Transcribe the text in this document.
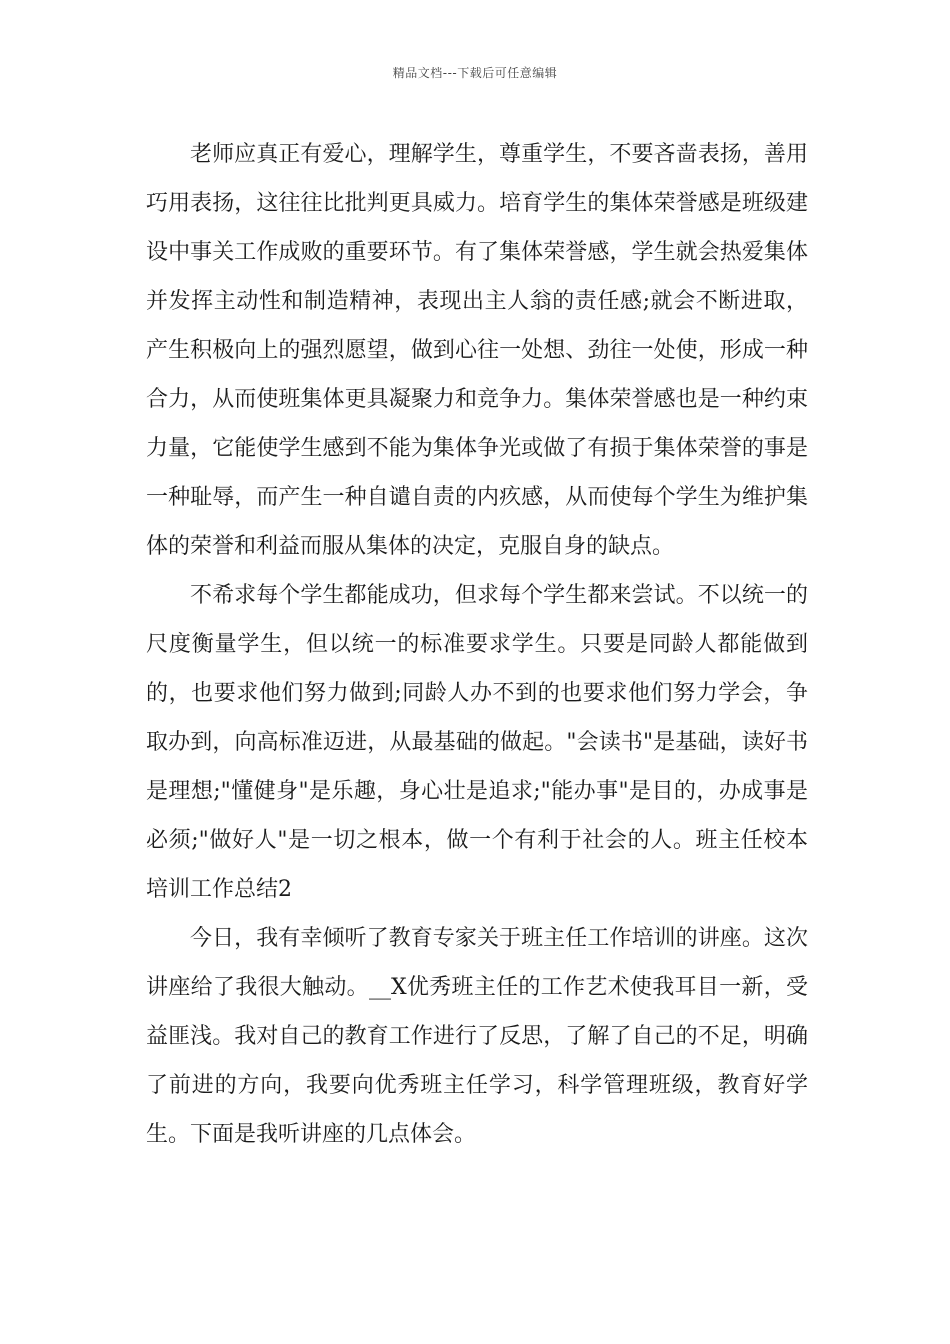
精品文档---下载后可任意编辑

老师应真正有爱心，理解学生，尊重学生，不要吝啬表扬，善用巧用表扬，这往往比批判更具威力。培育学生的集体荣誉感是班级建设中事关工作成败的重要环节。有了集体荣誉感，学生就会热爱集体并发挥主动性和制造精神，表现出主人翁的责任感;就会不断进取，产生积极向上的强烈愿望，做到心往一处想、劲往一处使，形成一种合力，从而使班集体更具凝聚力和竞争力。集体荣誉感也是一种约束力量，它能使学生感到不能为集体争光或做了有损于集体荣誉的事是一种耻辱，而产生一种自谴自责的内疚感，从而使每个学生为维护集体的荣誉和利益而服从集体的决定，克服自身的缺点。

不希求每个学生都能成功，但求每个学生都来尝试。不以统一的尺度衡量学生，但以统一的标准要求学生。只要是同龄人都能做到的，也要求他们努力做到;同龄人办不到的也要求他们努力学会，争取办到，向高标准迈进，从最基础的做起。"会读书"是基础，读好书是理想;"懂健身"是乐趣，身心壮是追求;"能办事"是目的，办成事是必须;"做好人"是一切之根本，做一个有利于社会的人。班主任校本培训工作总结2

今日，我有幸倾听了教育专家关于班主任工作培训的讲座。这次讲座给了我很大触动。__X优秀班主任的工作艺术使我耳目一新，受益匪浅。我对自己的教育工作进行了反思，了解了自己的不足，明确了前进的方向，我要向优秀班主任学习，科学管理班级，教育好学生。下面是我听讲座的几点体会。
